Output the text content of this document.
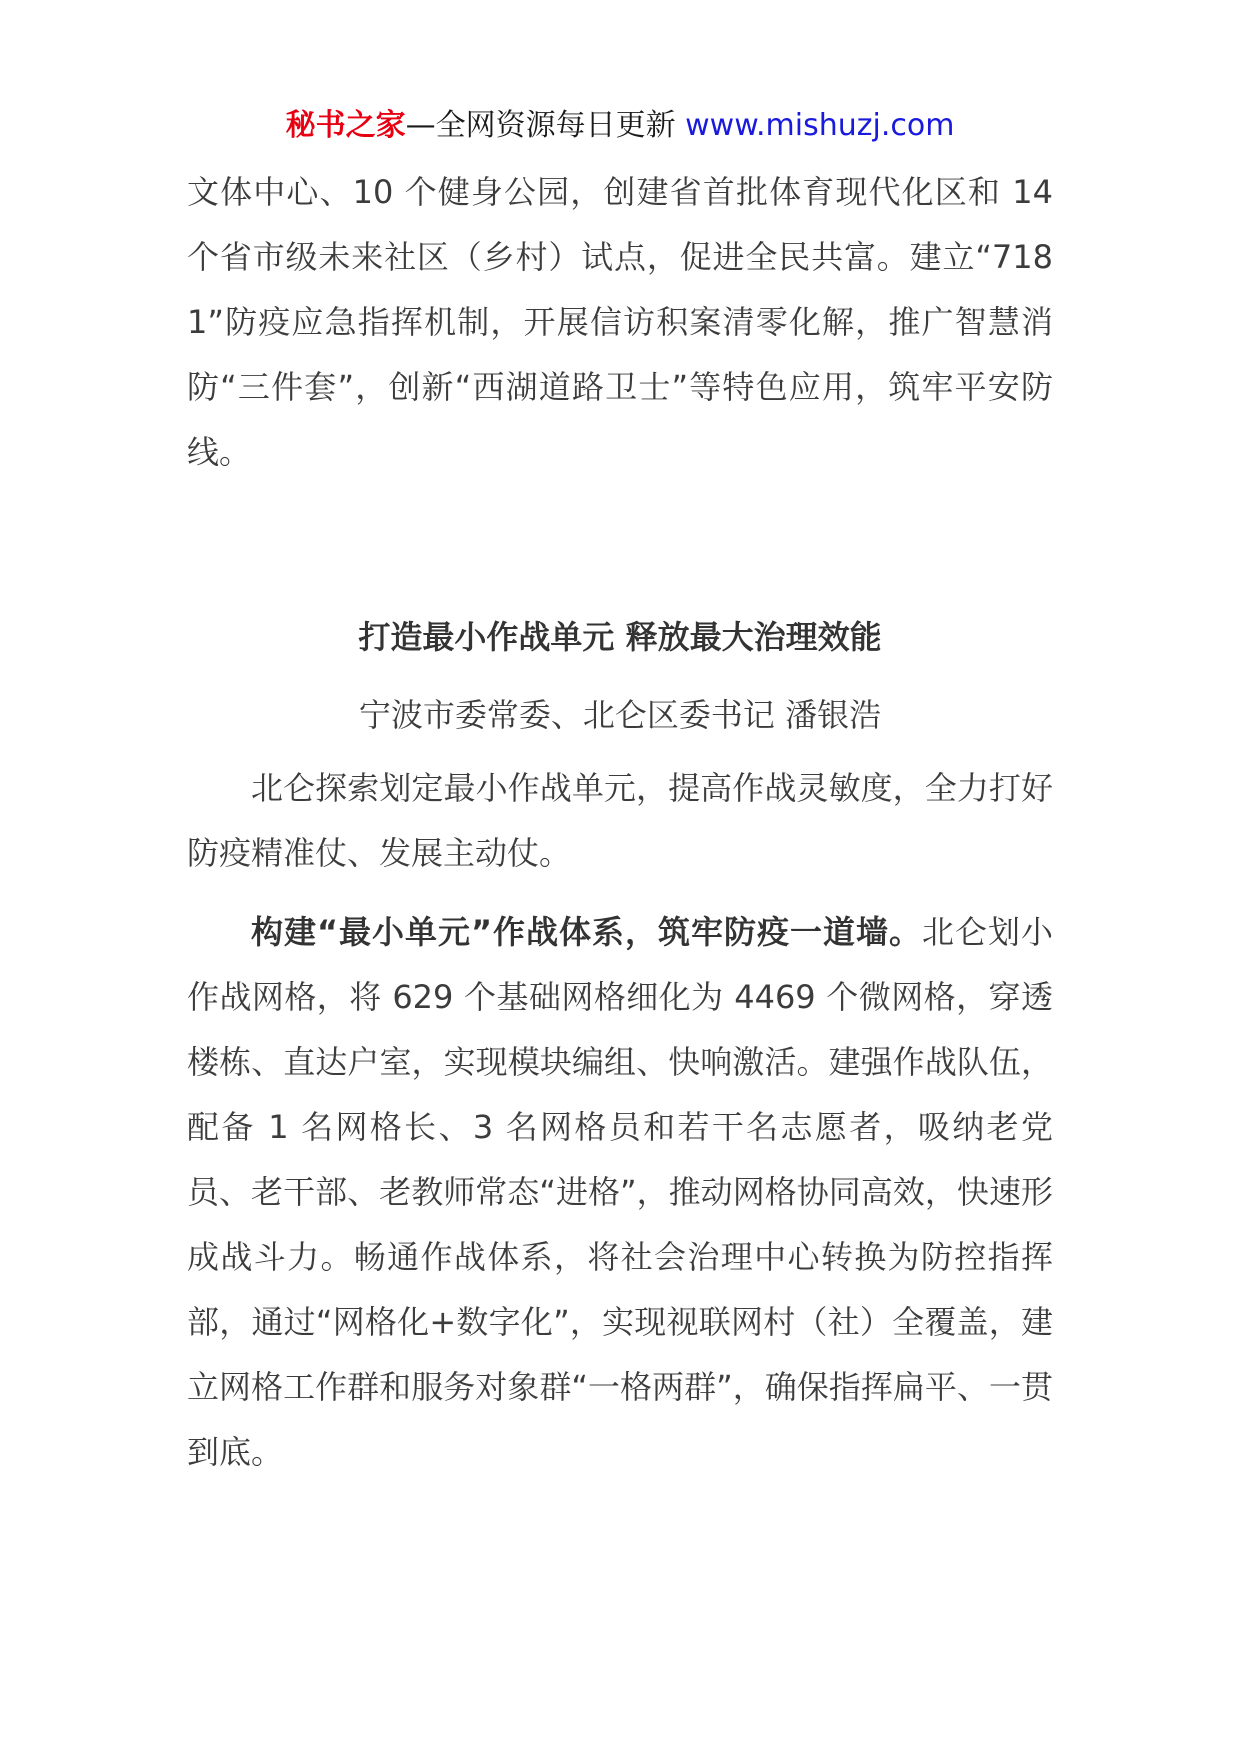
秘书之家—全网资源每日更新 www.mishuzj.com

文体中心、10 个健身公园，创建省首批体育现代化区和 14 个省市级未来社区（乡村）试点，促进全民共富。建立“7181”防疫应急指挥机制，开展信访积案清零化解，推广智慧消防“三件套”，创新“西湖道路卫士”等特色应用，筑牢平安防线。

打造最小作战单元 释放最大治理效能

宁波市委常委、北仑区委书记 潘银浩

北仑探索划定最小作战单元，提高作战灵敏度，全力打好防疫精准仗、发展主动仗。

构建“最小单元”作战体系，筑牢防疫一道墙。北仑划小作战网格，将 629 个基础网格细化为 4469 个微网格，穿透楼栋、直达户室，实现模块编组、快响激活。建强作战队伍，配备 1 名网格长、3 名网格员和若干名志愿者，吸纳老党员、老干部、老教师常态“进格”，推动网格协同高效，快速形成战斗力。畅通作战体系，将社会治理中心转换为防控指挥部，通过“网格化+数字化”，实现视联网村（社）全覆盖，建立网格工作群和服务对象群“一格两群”，确保指挥扁平、一贯到底。
